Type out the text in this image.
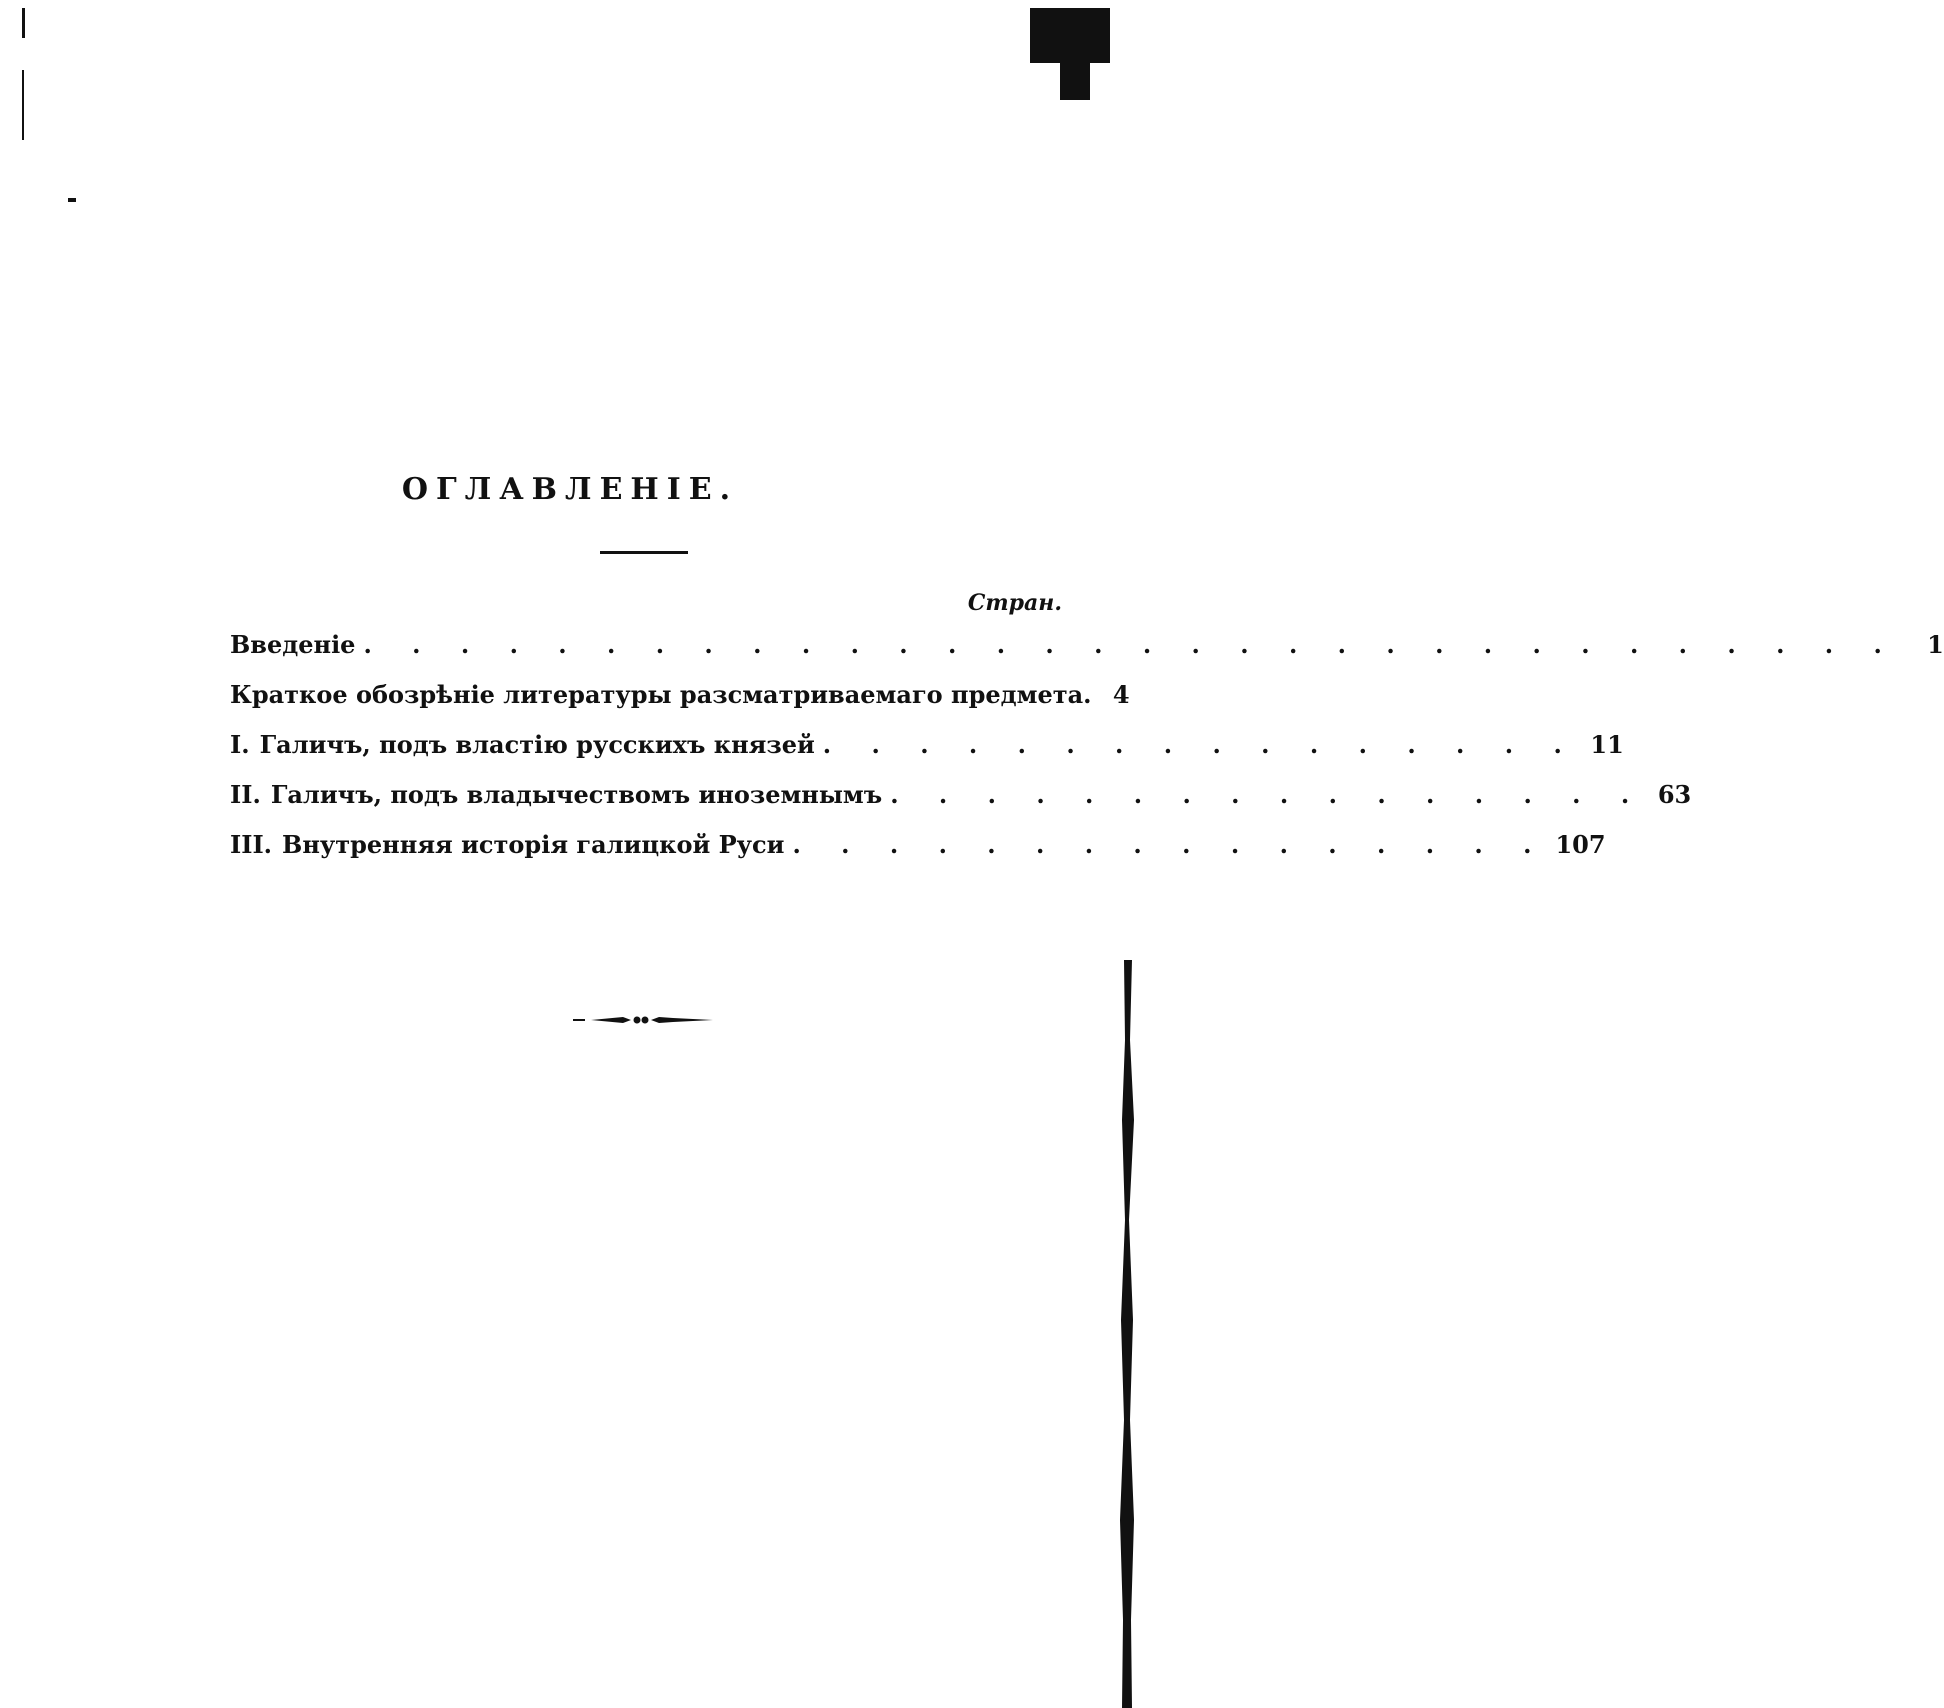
ОГЛАВЛЕНІЕ.
Стран.
Введеніе . . . . . . . . . . . . . . . . . . . . . . . . . . . . . . . .	1
Краткое обозрѣніе литературы разсматриваемаго предмета. 4
I. Галичъ, подъ властію русскихъ князей . . . . . . . . . . . . . . . . 11
II. Галичъ, подъ владычествомъ иноземнымъ . . . . . . . . . . . . . . . . 63
III. Внутренняя исторія галицкой Руси . . . . . . . . . . . . . . . . 107
